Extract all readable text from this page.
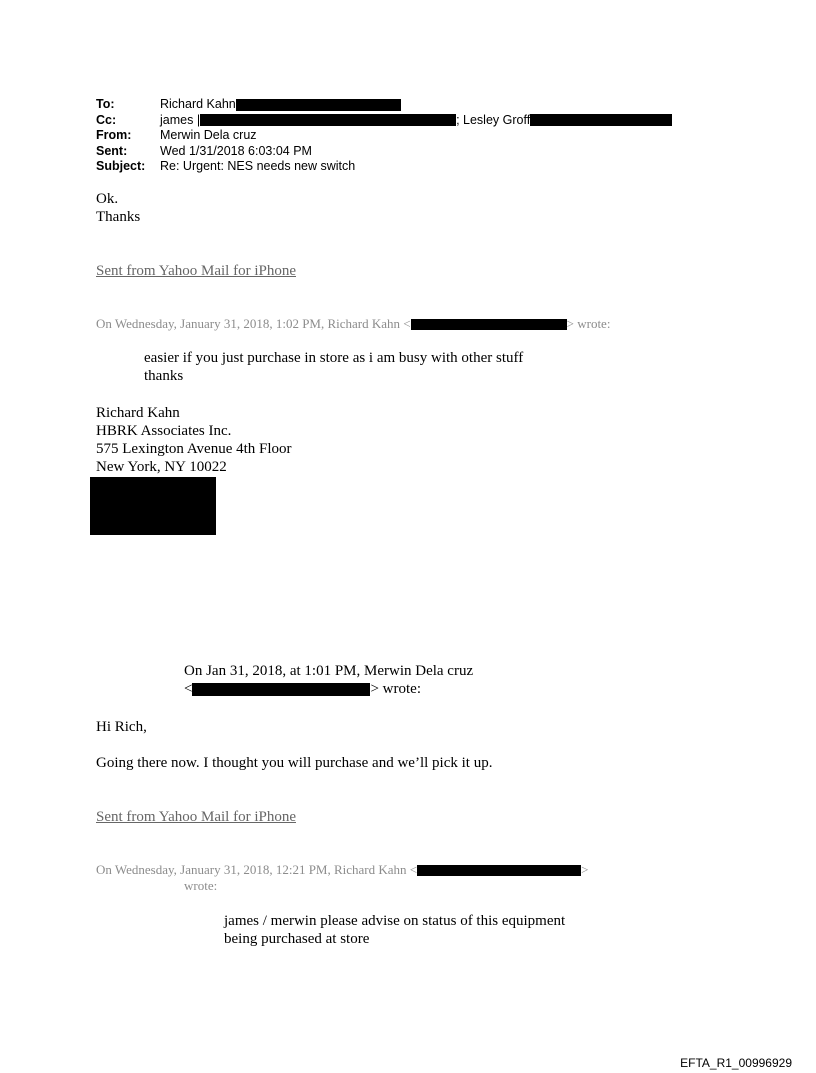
To:	Richard Kahn
Cc:	james |	; Lesley Groff
From:	Merwin Dela cruz
Sent:	Wed 1/31/2018 6:03:04 PM
Subject:	Re: Urgent: NES needs new switch
Ok.
Thanks
Sent from Yahoo Mail for iPhone
On Wednesday, January 31, 2018, 1:02 PM, Richard Kahn <	> wrote:
easier if you just purchase in store as i am busy with other stuff
thanks
Richard Kahn
HBRK Associates Inc.
575 Lexington Avenue 4th Floor
New York, NY 10022
On Jan 31, 2018, at 1:01 PM, Merwin Dela cruz
<	> wrote:
Hi Rich,
Going there now. I thought you will purchase and we’ll pick it up.
Sent from Yahoo Mail for iPhone
On Wednesday, January 31, 2018, 12:21 PM, Richard Kahn <	>
wrote:
james / merwin please advise on status of this equipment
being purchased at store
EFTA_R1_00996929
